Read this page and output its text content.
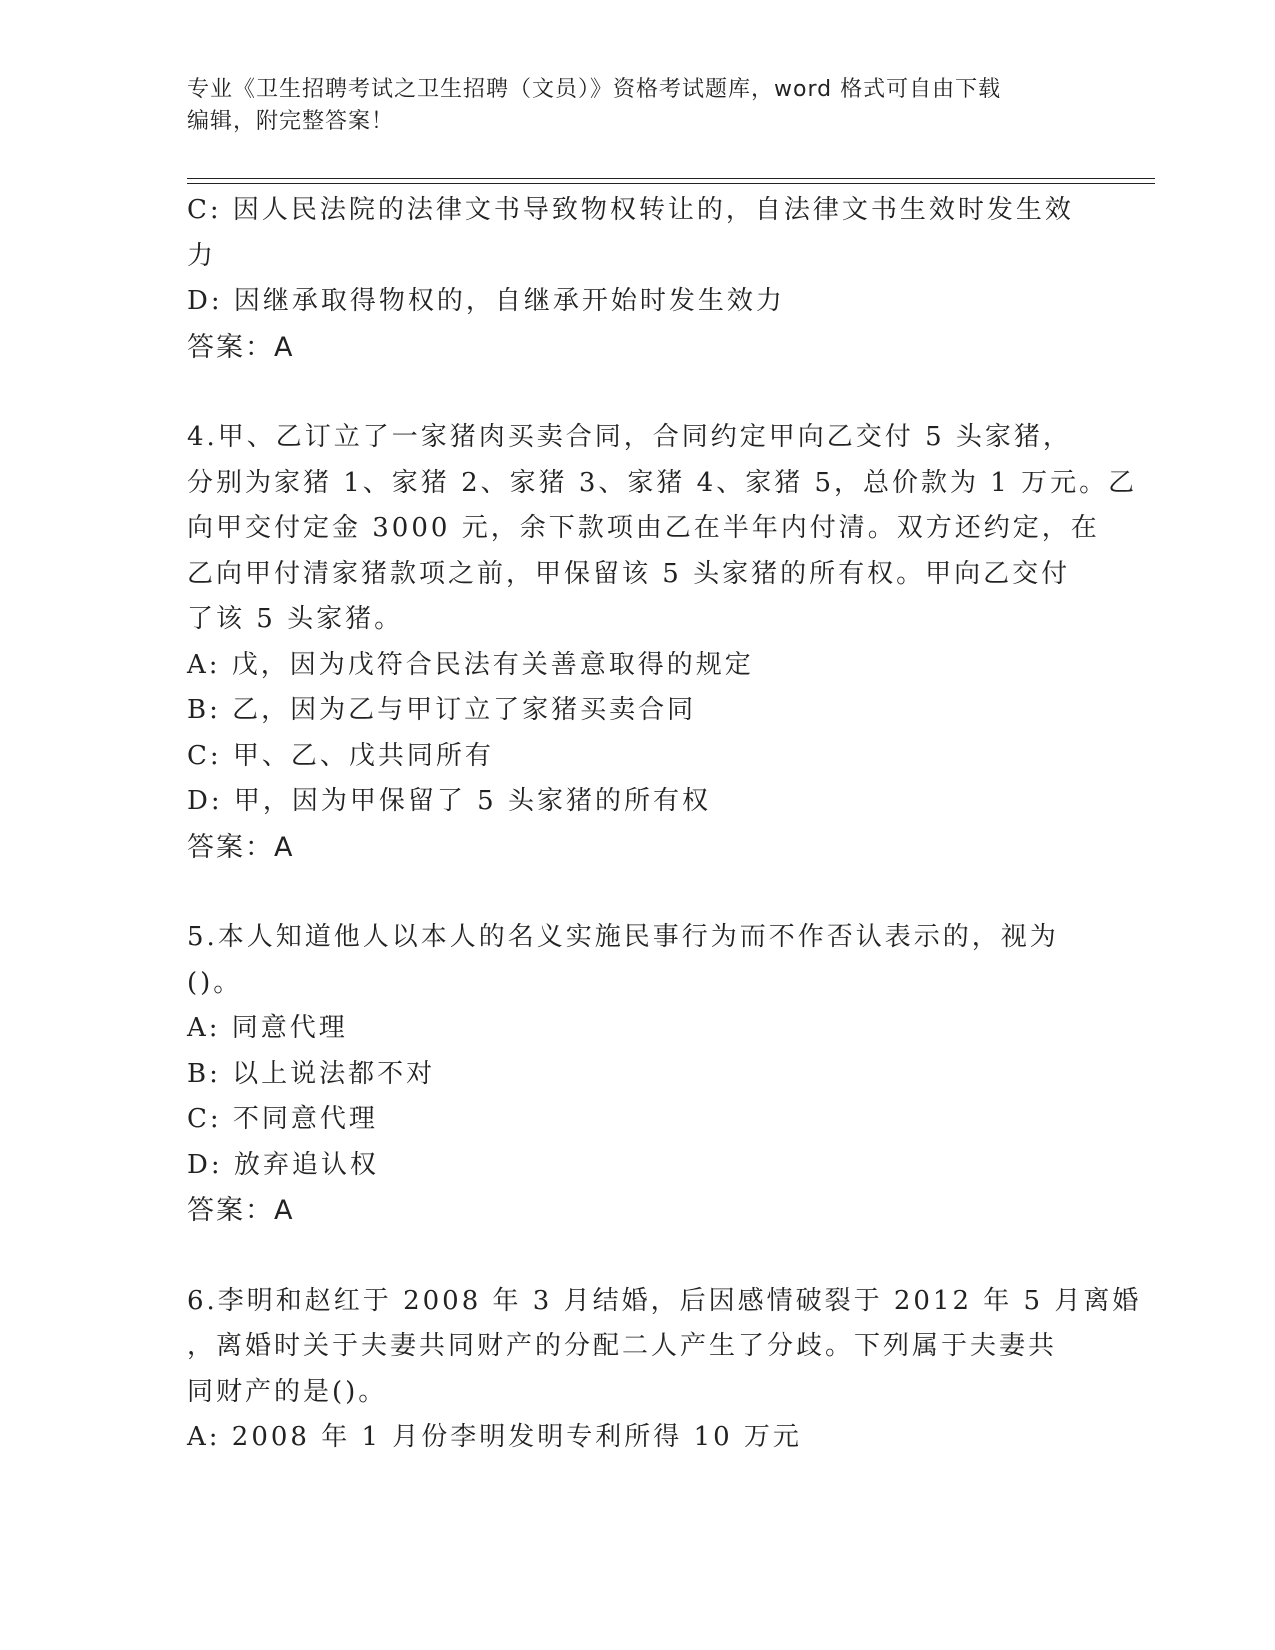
专业《卫生招聘考试之卫生招聘（文员）》资格考试题库，word 格式可自由下载
编辑，附完整答案！
C: 因人民法院的法律文书导致物权转让的，自法律文书生效时发生效
力
D: 因继承取得物权的，自继承开始时发生效力
答案：A
4.甲、乙订立了一家猪肉买卖合同，合同约定甲向乙交付 5 头家猪，
分别为家猪 1、家猪 2、家猪 3、家猪 4、家猪 5，总价款为 1 万元。乙
向甲交付定金 3000 元，余下款项由乙在半年内付清。双方还约定，在
乙向甲付清家猪款项之前，甲保留该 5 头家猪的所有权。甲向乙交付
了该 5 头家猪。
A: 戊，因为戊符合民法有关善意取得的规定
B: 乙，因为乙与甲订立了家猪买卖合同
C: 甲、乙、戊共同所有
D: 甲，因为甲保留了 5 头家猪的所有权
答案：A
5.本人知道他人以本人的名义实施民事行为而不作否认表示的，视为
()。
A: 同意代理
B: 以上说法都不对
C: 不同意代理
D: 放弃追认权
答案：A
6.李明和赵红于 2008 年 3 月结婚，后因感情破裂于 2012 年 5 月离婚
，离婚时关于夫妻共同财产的分配二人产生了分歧。下列属于夫妻共
同财产的是()。
A: 2008 年 1 月份李明发明专利所得 10 万元
